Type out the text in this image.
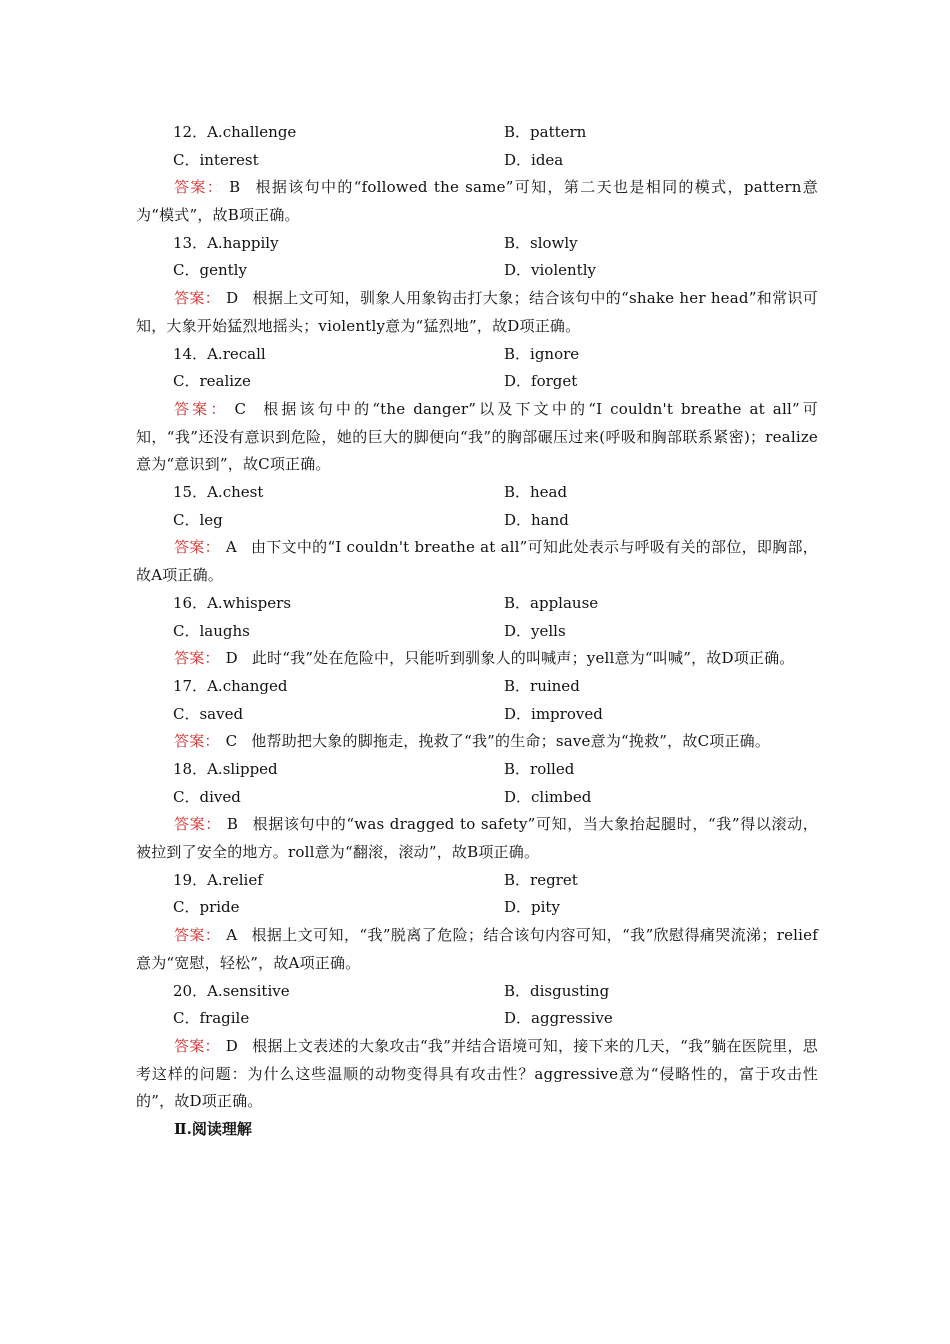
12．A.challenge	B．pattern
C．interest	D．idea
答案： B 根据该句中的“followed the same”可知，第二天也是相同的模式，pattern意为“模式”，故B项正确。
13．A.happily	B．slowly
C．gently	D．violently
答案： D 根据上文可知，驯象人用象钩击打大象；结合该句中的“shake her head”和常识可知，大象开始猛烈地摇头；violently意为“猛烈地”，故D项正确。
14．A.recall	B．ignore
C．realize	D．forget
答案： C 根据该句中的“the danger”以及下文中的“I couldn't breathe at all”可知，“我”还没有意识到危险，她的巨大的脚便向“我”的胸部碾压过来(呼吸和胸部联系紧密)；realize意为“意识到”，故C项正确。
15．A.chest	B．head
C．leg	D．hand
答案： A 由下文中的“I couldn't breathe at all”可知此处表示与呼吸有关的部位，即胸部，故A项正确。
16．A.whispers	B．applause
C．laughs	D．yells
答案： D 此时“我”处在危险中，只能听到驯象人的叫喊声；yell意为“叫喊”，故D项正确。
17．A.changed	B．ruined
C．saved	D．improved
答案： C 他帮助把大象的脚拖走，挽救了“我”的生命；save意为“挽救”，故C项正确。
18．A.slipped	B．rolled
C．dived	D．climbed
答案： B 根据该句中的“was dragged to safety”可知，当大象抬起腿时，“我”得以滚动，被拉到了安全的地方。roll意为“翻滚，滚动”，故B项正确。
19．A.relief	B．regret
C．pride	D．pity
答案： A 根据上文可知，“我”脱离了危险；结合该句内容可知，“我”欣慰得痛哭流涕；relief意为“宽慰，轻松”，故A项正确。
20．A.sensitive	B．disgusting
C．fragile	D．aggressive
答案： D 根据上文表述的大象攻击“我”并结合语境可知，接下来的几天，“我”躺在医院里，思考这样的问题：为什么这些温顺的动物变得具有攻击性？aggressive意为“侵略性的，富于攻击性的”，故D项正确。
Ⅱ.阅读理解
